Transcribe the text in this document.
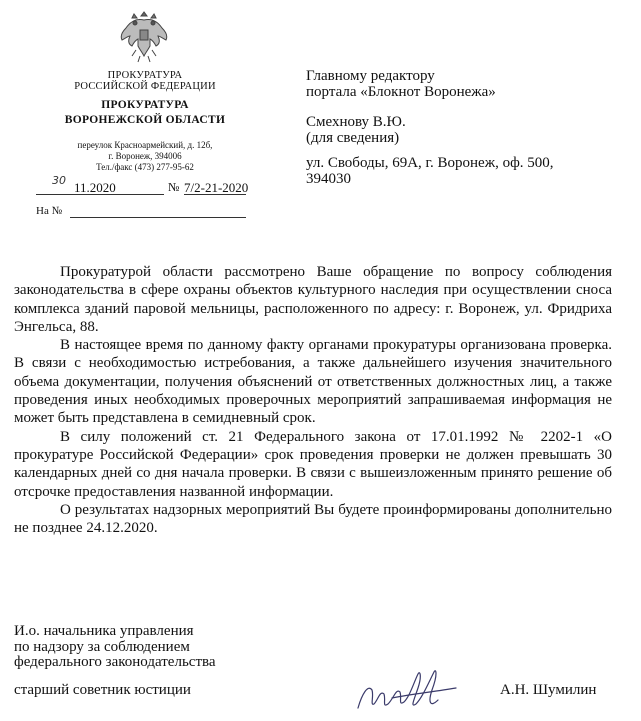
ПРОКУРАТУРА
РОССИЙСКОЙ ФЕДЕРАЦИИ
ПРОКУРАТУРА
ВОРОНЕЖСКОЙ ОБЛАСТИ
переулок Красноармейский, д. 12б,
г. Воронеж, 394006
Тел./факс (473) 277-95-62
30 11.2020	№ 7/2-21-2020
На №
Главному редактору
портала «Блокнот Воронежа»
Смехнову В.Ю.
(для сведения)
ул. Свободы, 69А, г. Воронеж, оф. 500,
394030

Прокуратурой области рассмотрено Ваше обращение по вопросу соблюдения законодательства в сфере охраны объектов культурного наследия при осуществлении сноса комплекса зданий паровой мельницы, расположенного по адресу: г. Воронеж, ул. Фридриха Энгельса, 88.

В настоящее время по данному факту органами прокуратуры организована проверка. В связи с необходимостью истребования, а также дальнейшего изучения значительного объема документации, получения объяснений от ответственных должностных лиц, а также проведения иных необходимых проверочных мероприятий запрашиваемая информация не может быть представлена в семидневный срок.

В силу положений ст. 21 Федерального закона от 17.01.1992 № 2202-1 «О прокуратуре Российской Федерации» срок проведения проверки не должен превышать 30 календарных дней со дня начала проверки. В связи с вышеизложенным принято решение об отсрочке предоставления названной информации.

О результатах надзорных мероприятий Вы будете проинформированы дополнительно не позднее 24.12.2020.

И.о. начальника управления
по надзору за соблюдением
федерального законодательства
старший советник юстиции	А.Н. Шумилин
